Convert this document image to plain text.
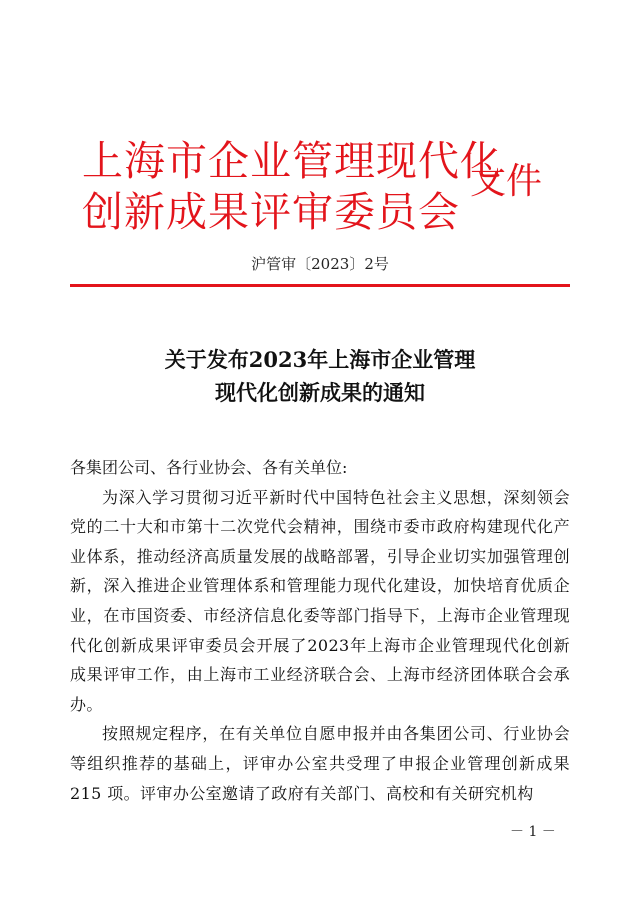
上海市企业管理现代化
创新成果评审委员会
文件
沪管审〔2023〕2号
关于发布2023年上海市企业管理
现代化创新成果的通知

各集团公司、各行业协会、各有关单位:

为深入学习贯彻习近平新时代中国特色社会主义思想，深刻领会党的二十大和市第十二次党代会精神，围绕市委市政府构建现代化产业体系，推动经济高质量发展的战略部署，引导企业切实加强管理创新，深入推进企业管理体系和管理能力现代化建设，加快培育优质企业，在市国资委、市经济信息化委等部门指导下，上海市企业管理现代化创新成果评审委员会开展了2023年上海市企业管理现代化创新成果评审工作，由上海市工业经济联合会、上海市经济团体联合会承办。

按照规定程序，在有关单位自愿申报并由各集团公司、行业协会等组织推荐的基础上，评审办公室共受理了申报企业管理创新成果 215 项。评审办公室邀请了政府有关部门、高校和有关研究机构

－ 1 －
